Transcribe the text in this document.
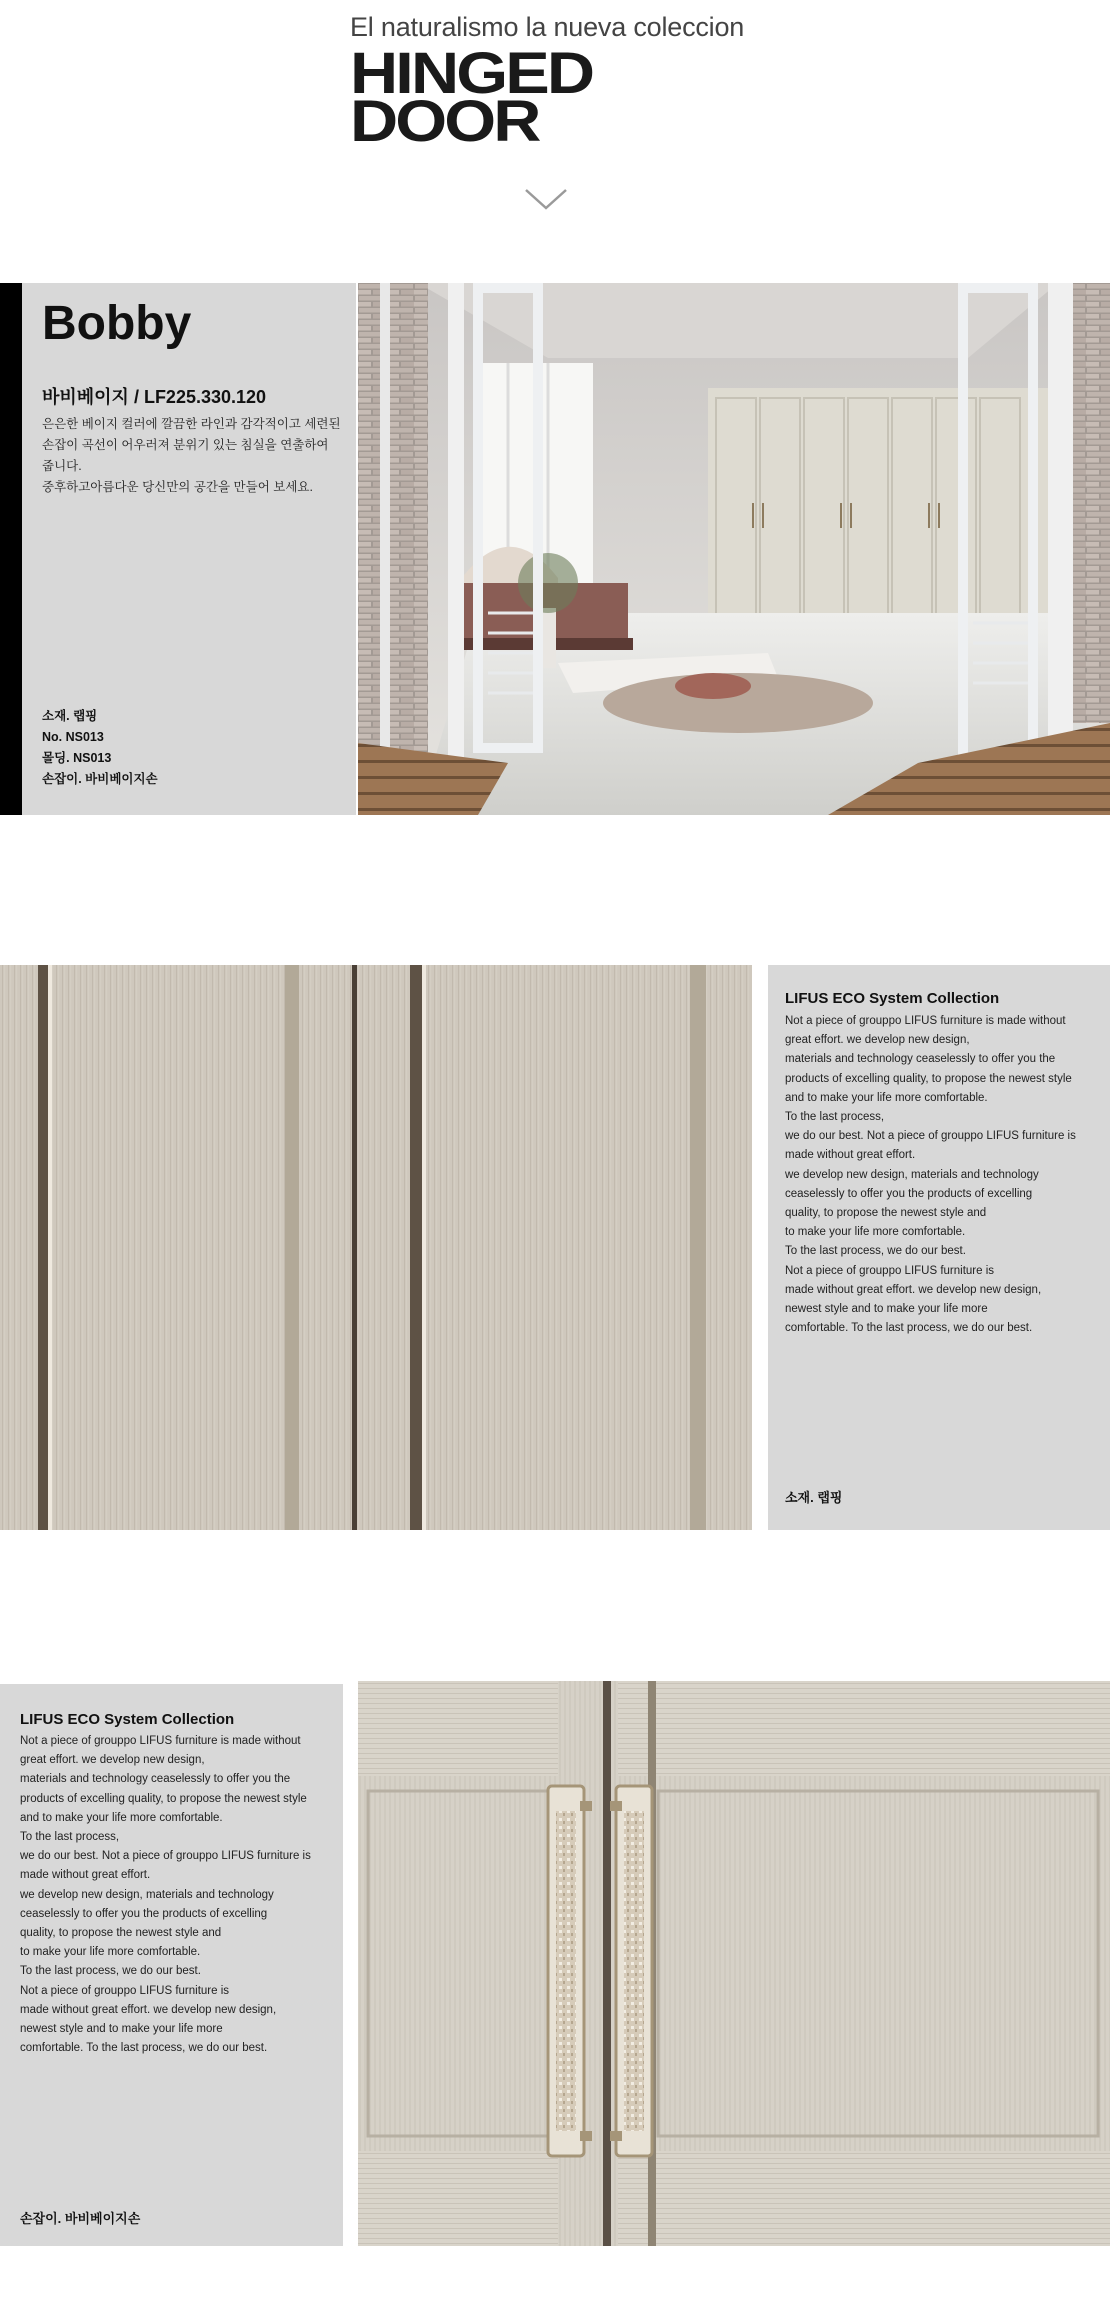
El naturalismo la nueva coleccion
HINGED
DOOR
Bobby
바비베이지 / LF225.330.120
은은한 베이지 컬러에 깔끔한 라인과 감각적이고 세련된
손잡이 곡선이 어우러져 분위기 있는 침실을 연출하여
줍니다.
중후하고아름다운 당신만의 공간을 만들어 보세요.
소재. 랩핑
No. NS013
몰딩. NS013
손잡이. 바비베이지손
LIFUS ECO System Collection
Not a piece of grouppo LIFUS furniture is made without
great effort. we develop new design,
materials and technology ceaselessly to offer you the
products of excelling quality, to propose the newest style
and to make your life more comfortable.
To the last process,
we do our best. Not a piece of grouppo LIFUS furniture is
made without great effort.
we develop new design, materials and technology
ceaselessly to offer you the products of excelling
quality, to propose the newest style and
to make your life more comfortable.
To the last process, we do our best.
Not a piece of grouppo LIFUS furniture is
made without great effort. we develop new design,
newest style and to make your life more
comfortable. To the last process, we do our best.
소재. 랩핑
LIFUS ECO System Collection
Not a piece of grouppo LIFUS furniture is made without
great effort. we develop new design,
materials and technology ceaselessly to offer you the
products of excelling quality, to propose the newest style
and to make your life more comfortable.
To the last process,
we do our best. Not a piece of grouppo LIFUS furniture is
made without great effort.
we develop new design, materials and technology
ceaselessly to offer you the products of excelling
quality, to propose the newest style and
to make your life more comfortable.
To the last process, we do our best.
Not a piece of grouppo LIFUS furniture is
made without great effort. we develop new design,
newest style and to make your life more
comfortable. To the last process, we do our best.
손잡이. 바비베이지손
